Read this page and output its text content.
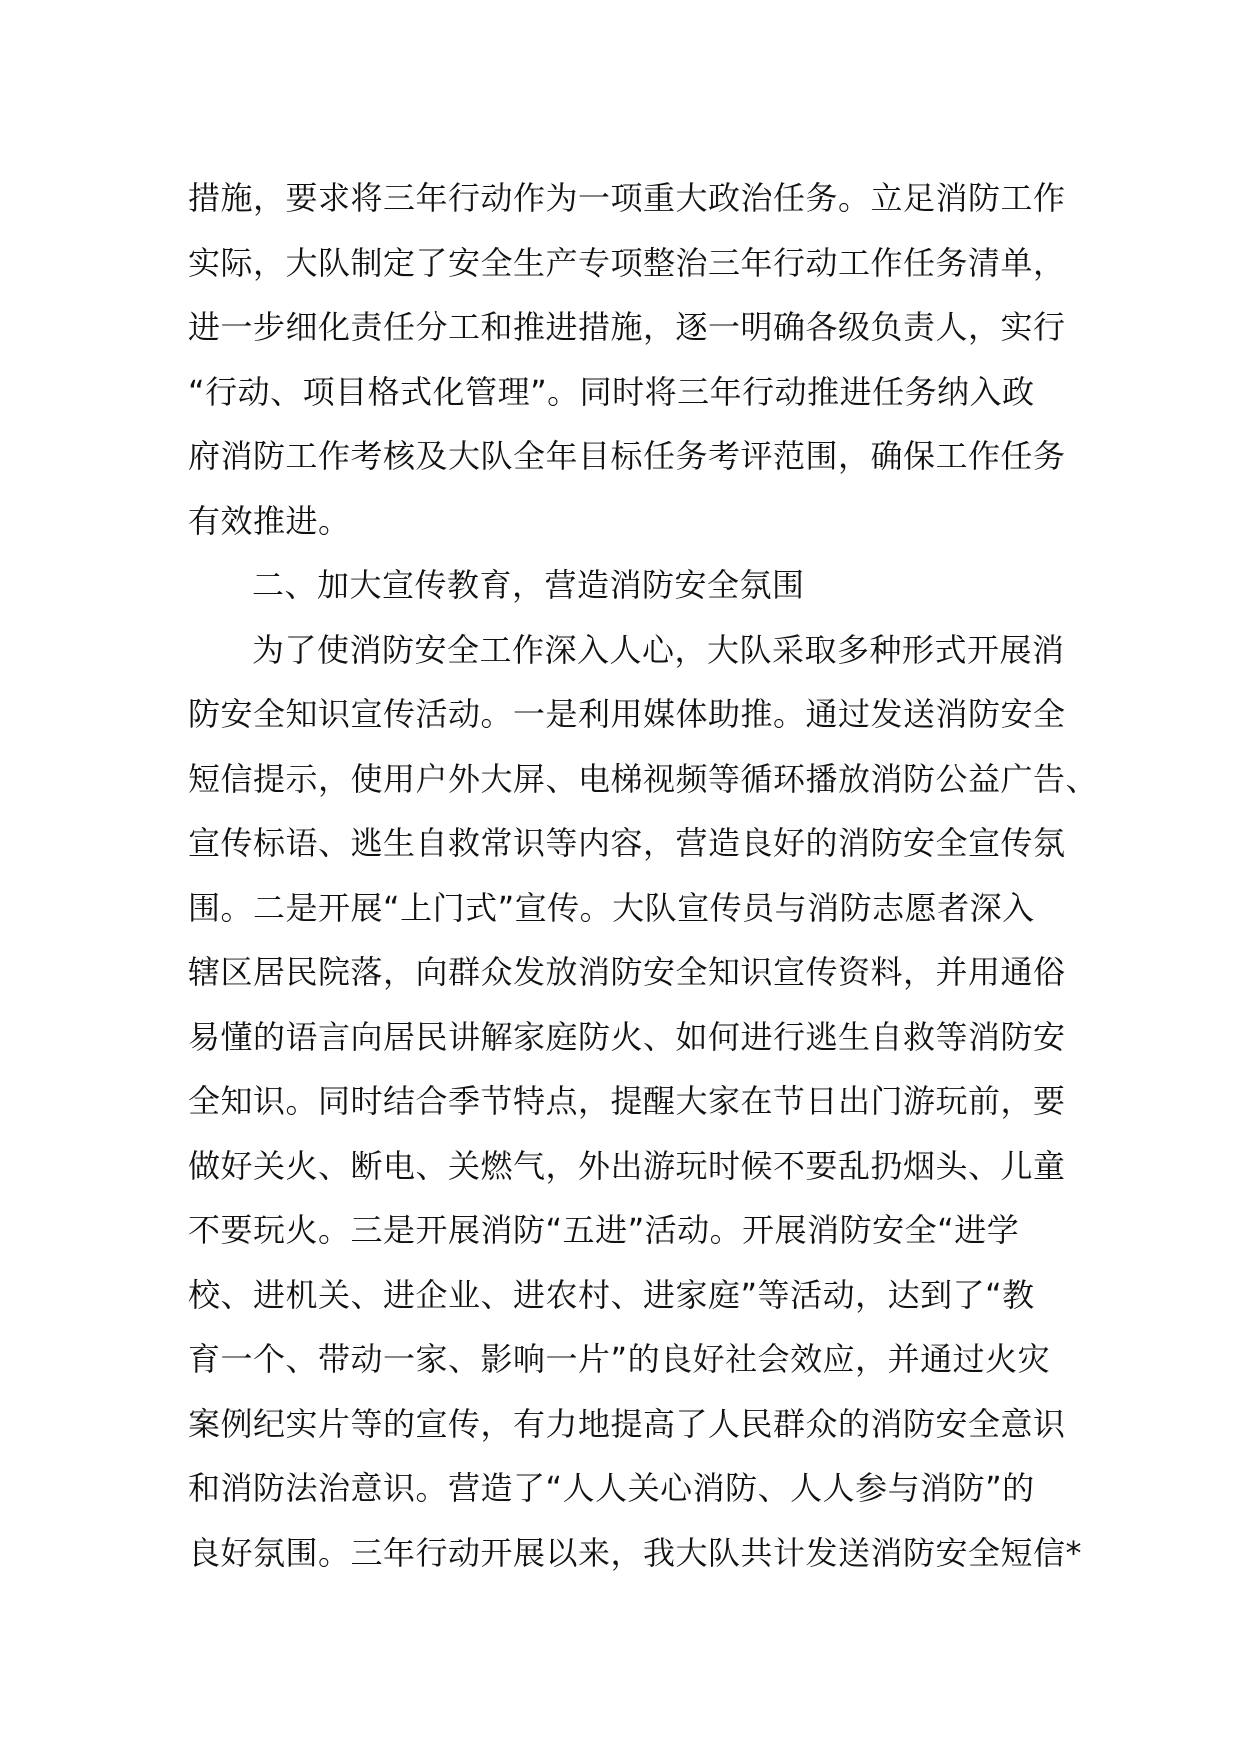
措施，要求将三年行动作为一项重大政治任务。立足消防工作
实际，大队制定了安全生产专项整治三年行动工作任务清单，
进一步细化责任分工和推进措施，逐一明确各级负责人，实行
“行动、项目格式化管理”。同时将三年行动推进任务纳入政
府消防工作考核及大队全年目标任务考评范围，确保工作任务
有效推进。
二、加大宣传教育，营造消防安全氛围
为了使消防安全工作深入人心，大队采取多种形式开展消
防安全知识宣传活动。一是利用媒体助推。通过发送消防安全
短信提示，使用户外大屏、电梯视频等循环播放消防公益广告、
宣传标语、逃生自救常识等内容，营造良好的消防安全宣传氛
围。二是开展“上门式”宣传。大队宣传员与消防志愿者深入
辖区居民院落，向群众发放消防安全知识宣传资料，并用通俗
易懂的语言向居民讲解家庭防火、如何进行逃生自救等消防安
全知识。同时结合季节特点，提醒大家在节日出门游玩前，要
做好关火、断电、关燃气，外出游玩时候不要乱扔烟头、儿童
不要玩火。三是开展消防“五进”活动。开展消防安全“进学
校、进机关、进企业、进农村、进家庭”等活动，达到了“教
育一个、带动一家、影响一片”的良好社会效应，并通过火灾
案例纪实片等的宣传，有力地提高了人民群众的消防安全意识
和消防法治意识。营造了“人人关心消防、人人参与消防”的
良好氛围。三年行动开展以来，我大队共计发送消防安全短信*
